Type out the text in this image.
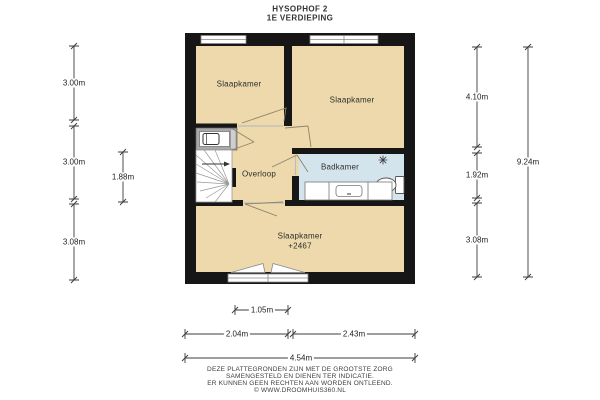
HYSOPHOF 2
1E VERDIEPING
Slaapkamer
Slaapkamer
Overloop
Badkamer
Slaapkamer
+2467
3.00m
3.00m
3.08m
1.88m
4.10m
1.92m
3.08m
9.24m
1.05m
2.04m	2.43m
4.54m
DEZE PLATTEGRONDEN ZIJN MET DE GROOTSTE ZORG
SAMENGESTELD EN DIENEN TER INDICATIE.
ER KUNNEN GEEN RECHTEN AAN WORDEN ONTLEEND.
© WWW.DROOMHUIS360.NL
